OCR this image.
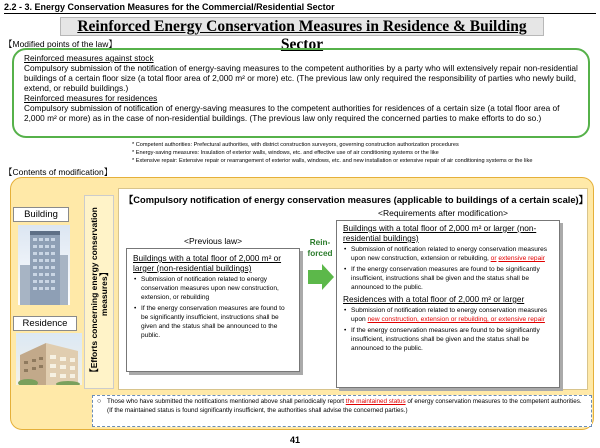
2.2 - 3. Energy Conservation Measures for the Commercial/Residential Sector
Reinforced Energy Conservation Measures in Residence & Building Sector
【Modified points of the law】
Reinforced measures against stock
Compulsory submission of the notification of energy-saving measures to the competent authorities by a party who will extensively repair non-residential buildings of a certain floor size (a total floor area of 2,000 m² or more) etc. (The previous law only required the responsibility of parties who newly build, extend, or rebuild buildings.)
Reinforced measures for residences
Compulsory submission of notification of energy-saving measures to the competent authorities for residences of a certain size (a total floor area of 2,000 m² or more) as in the case of non-residential buildings. (The previous law only required the concerned parties to make efforts to do so.)
* Competent authorities: Prefectural authorities, with district construction surveyors, governing construction authorization procedures
* Energy-saving measures: Insulation of exterior walls, windows, etc. and effective use of air conditioning systems or the like
* Extensive repair: Extensive repair or rearrangement of exterior walls, windows, etc. and new installation or extensive repair of air conditioning systems or the like
【Contents of modification】
Building
Residence	【Efforts concerning energy conservation measures】
【Compulsory notification of energy conservation measures (applicable to buildings of a certain scale)】
<Requirements after modification>
<Previous law>
Buildings with a total floor of 2,000 m² or larger (non-residential buildings)
• Submission of notification related to energy conservation measures upon new construction, extension, or rebuilding
• If the energy conservation measures are found to be significantly insufficient, instructions shall be given and the status shall be announced to the public.
Rein-
forced
Buildings with a total floor of 2,000 m² or larger (non-residential buildings)
• Submission of notification related to energy conservation measures upon new construction, extension or rebuilding, or extensive repair
• If the energy conservation measures are found to be significantly insufficient, instructions shall be given and the status shall be announced to the public.
Residences with a total floor of 2,000 m² or larger
• Submission of notification related to energy conservation measures upon new construction, extension or rebuilding, or extensive repair
• If the energy conservation measures are found to be significantly insufficient, instructions shall be given and the status shall be announced to the public.
○ Those who have submitted the notifications mentioned above shall periodically report the maintained status of energy conservation measures to the competent authorities. (If the maintained status is found significantly insufficient, the authorities shall advise the concerned parties.)
41
